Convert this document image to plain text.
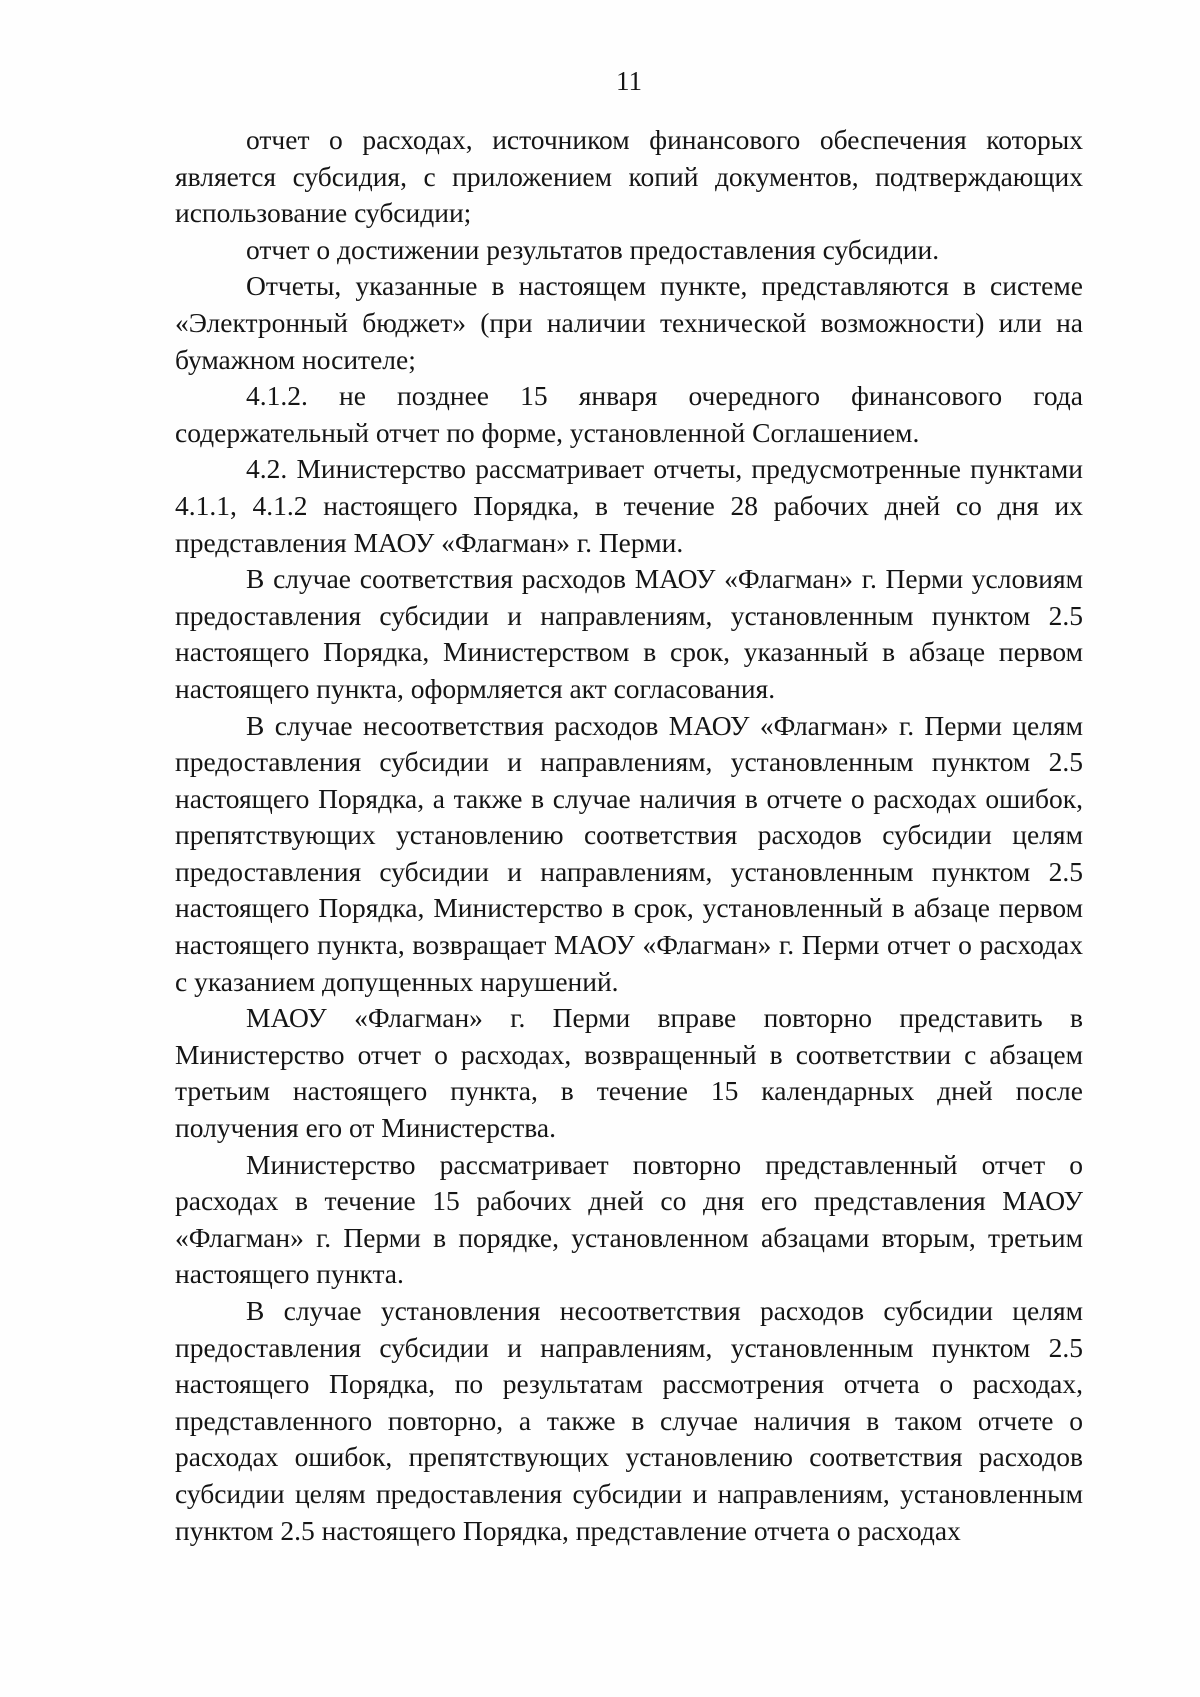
11

отчет о расходах, источником финансового обеспечения которых является субсидия, с приложением копий документов, подтверждающих использование субсидии;

отчет о достижении результатов предоставления субсидии.

Отчеты, указанные в настоящем пункте, представляются в системе «Электронный бюджет» (при наличии технической возможности) или на бумажном носителе;

4.1.2. не позднее 15 января очередного финансового года содержательный отчет по форме, установленной Соглашением.

4.2. Министерство рассматривает отчеты, предусмотренные пунктами 4.1.1, 4.1.2 настоящего Порядка, в течение 28 рабочих дней со дня их представления МАОУ «Флагман» г. Перми.

В случае соответствия расходов МАОУ «Флагман» г. Перми условиям предоставления субсидии и направлениям, установленным пунктом 2.5 настоящего Порядка, Министерством в срок, указанный в абзаце первом настоящего пункта, оформляется акт согласования.

В случае несоответствия расходов МАОУ «Флагман» г. Перми целям предоставления субсидии и направлениям, установленным пунктом 2.5 настоящего Порядка, а также в случае наличия в отчете о расходах ошибок, препятствующих установлению соответствия расходов субсидии целям предоставления субсидии и направлениям, установленным пунктом 2.5 настоящего Порядка, Министерство в срок, установленный в абзаце первом настоящего пункта, возвращает МАОУ «Флагман» г. Перми отчет о расходах с указанием допущенных нарушений.

МАОУ «Флагман» г. Перми вправе повторно представить в Министерство отчет о расходах, возвращенный в соответствии с абзацем третьим настоящего пункта, в течение 15 календарных дней после получения его от Министерства.

Министерство рассматривает повторно представленный отчет о расходах в течение 15 рабочих дней со дня его представления МАОУ «Флагман» г. Перми в порядке, установленном абзацами вторым, третьим настоящего пункта.

В случае установления несоответствия расходов субсидии целям предоставления субсидии и направлениям, установленным пунктом 2.5 настоящего Порядка, по результатам рассмотрения отчета о расходах, представленного повторно, а также в случае наличия в таком отчете о расходах ошибок, препятствующих установлению соответствия расходов субсидии целям предоставления субсидии и направлениям, установленным пунктом 2.5 настоящего Порядка, представление отчета о расходах
